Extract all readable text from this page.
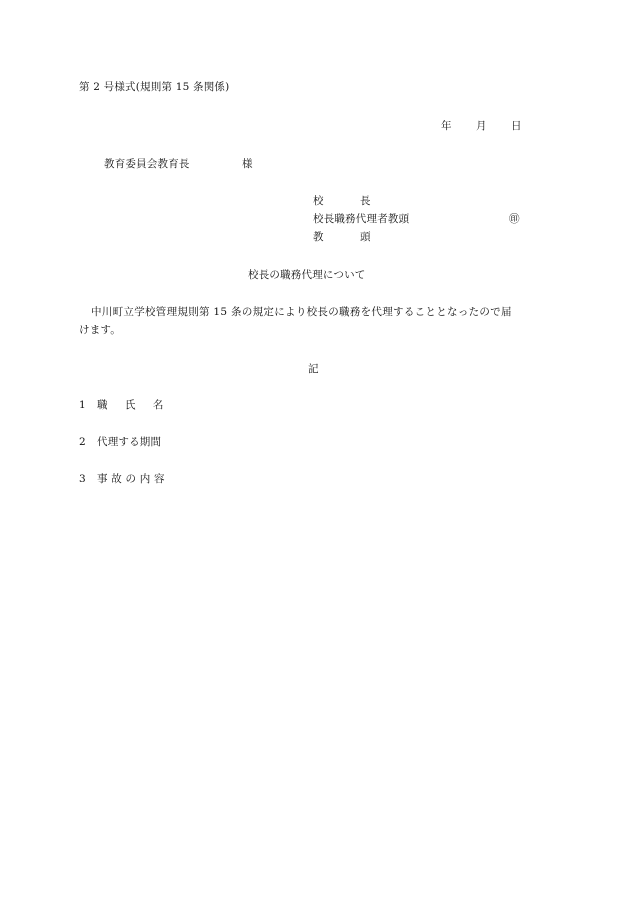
第 2 号様式(規則第 15 条関係)
年 月 日
教育委員会教育長	様
校	長
校長職務代理者教頭	㊞
教	頭
校長の職務代理について
中川町立学校管理規則第 15 条の規定により校長の職務を代理することとなったので届
けます。
記
1 職　 氏　 名
2 代理する期間
3 事 故 の 内 容
